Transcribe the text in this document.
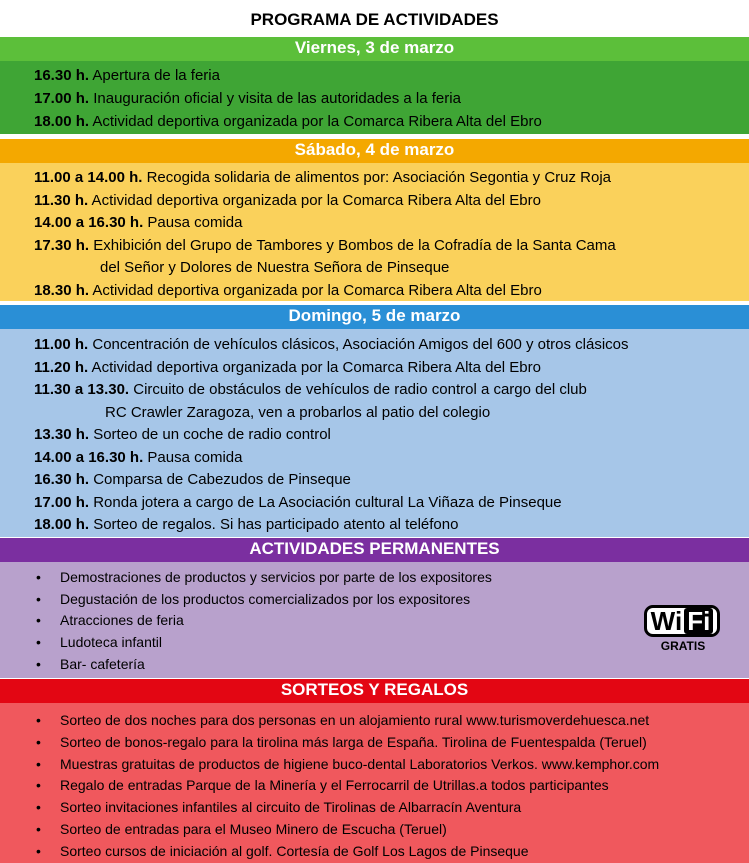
PROGRAMA DE ACTIVIDADES
Viernes, 3 de marzo
Sábado, 4 de marzo
Domingo, 5 de marzo
ACTIVIDADES PERMANENTES
Wi Fi
GRATIS
SORTEOS Y REGALOS
16.30 h. Apertura de la feria
17.00 h. Inauguración oficial y visita de las autoridades a la feria
18.00 h. Actividad deportiva organizada por la Comarca Ribera Alta del Ebro
11.00 a 14.00 h. Recogida solidaria de alimentos por: Asociación Segontia y Cruz Roja
11.30 h. Actividad deportiva organizada por la Comarca Ribera Alta del Ebro
14.00 a 16.30 h. Pausa comida
17.30 h. Exhibición del Grupo de Tambores y Bombos de la Cofradía de la Santa Cama
del Señor y Dolores de Nuestra Señora de Pinseque
18.30 h. Actividad deportiva organizada por la Comarca Ribera Alta del Ebro
11.00 h. Concentración de vehículos clásicos, Asociación Amigos del 600 y otros clásicos
11.20 h. Actividad deportiva organizada por la Comarca Ribera Alta del Ebro
11.30 a 13.30. Circuito de obstáculos de vehículos de radio control a cargo del club
RC Crawler Zaragoza, ven a probarlos al patio del colegio
13.30 h. Sorteo de un coche de radio control
14.00 a 16.30 h. Pausa comida
16.30 h. Comparsa de Cabezudos de Pinseque
17.00 h. Ronda jotera a cargo de La Asociación cultural La Viñaza de Pinseque
18.00 h. Sorteo de regalos. Si has participado atento al teléfono
• Demostraciones de productos y servicios por parte de los expositores
• Degustación de los productos comercializados por los expositores
• Atracciones de feria
• Ludoteca infantil
• Bar- cafetería
• Sorteo de dos noches para dos personas en un alojamiento rural www.turismoverdehuesca.net
• Sorteo de bonos-regalo para la tirolina más larga de España. Tirolina de Fuentespalda (Teruel)
• Muestras gratuitas de productos de higiene buco-dental Laboratorios Verkos. www.kemphor.com
• Regalo de entradas Parque de la Minería y el Ferrocarril de Utrillas.a todos participantes
• Sorteo invitaciones infantiles al circuito de Tirolinas de Albarracín Aventura
• Sorteo de entradas para el Museo Minero de Escucha (Teruel)
• Sorteo cursos de iniciación al golf. Cortesía de Golf Los Lagos de Pinseque
